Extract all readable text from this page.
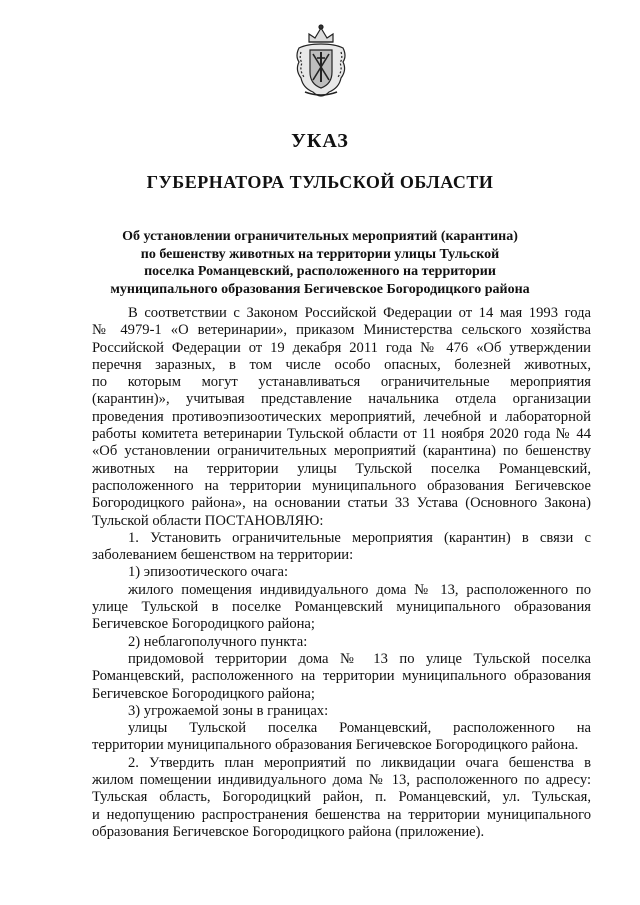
УКАЗ
ГУБЕРНАТОРА ТУЛЬСКОЙ ОБЛАСТИ
Об установлении ограничительных мероприятий (карантина)
по бешенству животных на территории улицы Тульской
поселка Романцевский, расположенного на территории
муниципального образования Бегичевское Богородицкого района
В соответствии с Законом Российской Федерации от 14 мая 1993 года
№ 4979-1 «О ветеринарии», приказом Министерства сельского хозяйства
Российской Федерации от 19 декабря 2011 года № 476 «Об утверждении
перечня заразных, в том числе особо опасных, болезней животных,
по которым могут устанавливаться ограничительные мероприятия
(карантин)», учитывая представление начальника отдела организации
проведения противоэпизоотических мероприятий, лечебной и лабораторной
работы комитета ветеринарии Тульской области от 11 ноября 2020 года № 44
«Об установлении ограничительных мероприятий (карантина) по бешенству
животных на территории улицы Тульской поселка Романцевский,
расположенного на территории муниципального образования Бегичевское
Богородицкого района», на основании статьи 33 Устава (Основного Закона)
Тульской области ПОСТАНОВЛЯЮ:
1. Установить ограничительные мероприятия (карантин) в связи с
заболеванием бешенством на территории:
1) эпизоотического очага:
жилого помещения индивидуального дома № 13, расположенного по
улице Тульской в поселке Романцевский муниципального образования
Бегичевское Богородицкого района;
2) неблагополучного пункта:
придомовой территории дома № 13 по улице Тульской поселка
Романцевский, расположенного на территории муниципального образования
Бегичевское Богородицкого района;
3) угрожаемой зоны в границах:
улицы Тульской поселка Романцевский, расположенного на
территории муниципального образования Бегичевское Богородицкого района.
2. Утвердить план мероприятий по ликвидации очага бешенства в
жилом помещении индивидуального дома № 13, расположенного по адресу:
Тульская область, Богородицкий район, п. Романцевский, ул. Тульская,
и недопущению распространения бешенства на территории муниципального
образования Бегичевское Богородицкого района (приложение).
